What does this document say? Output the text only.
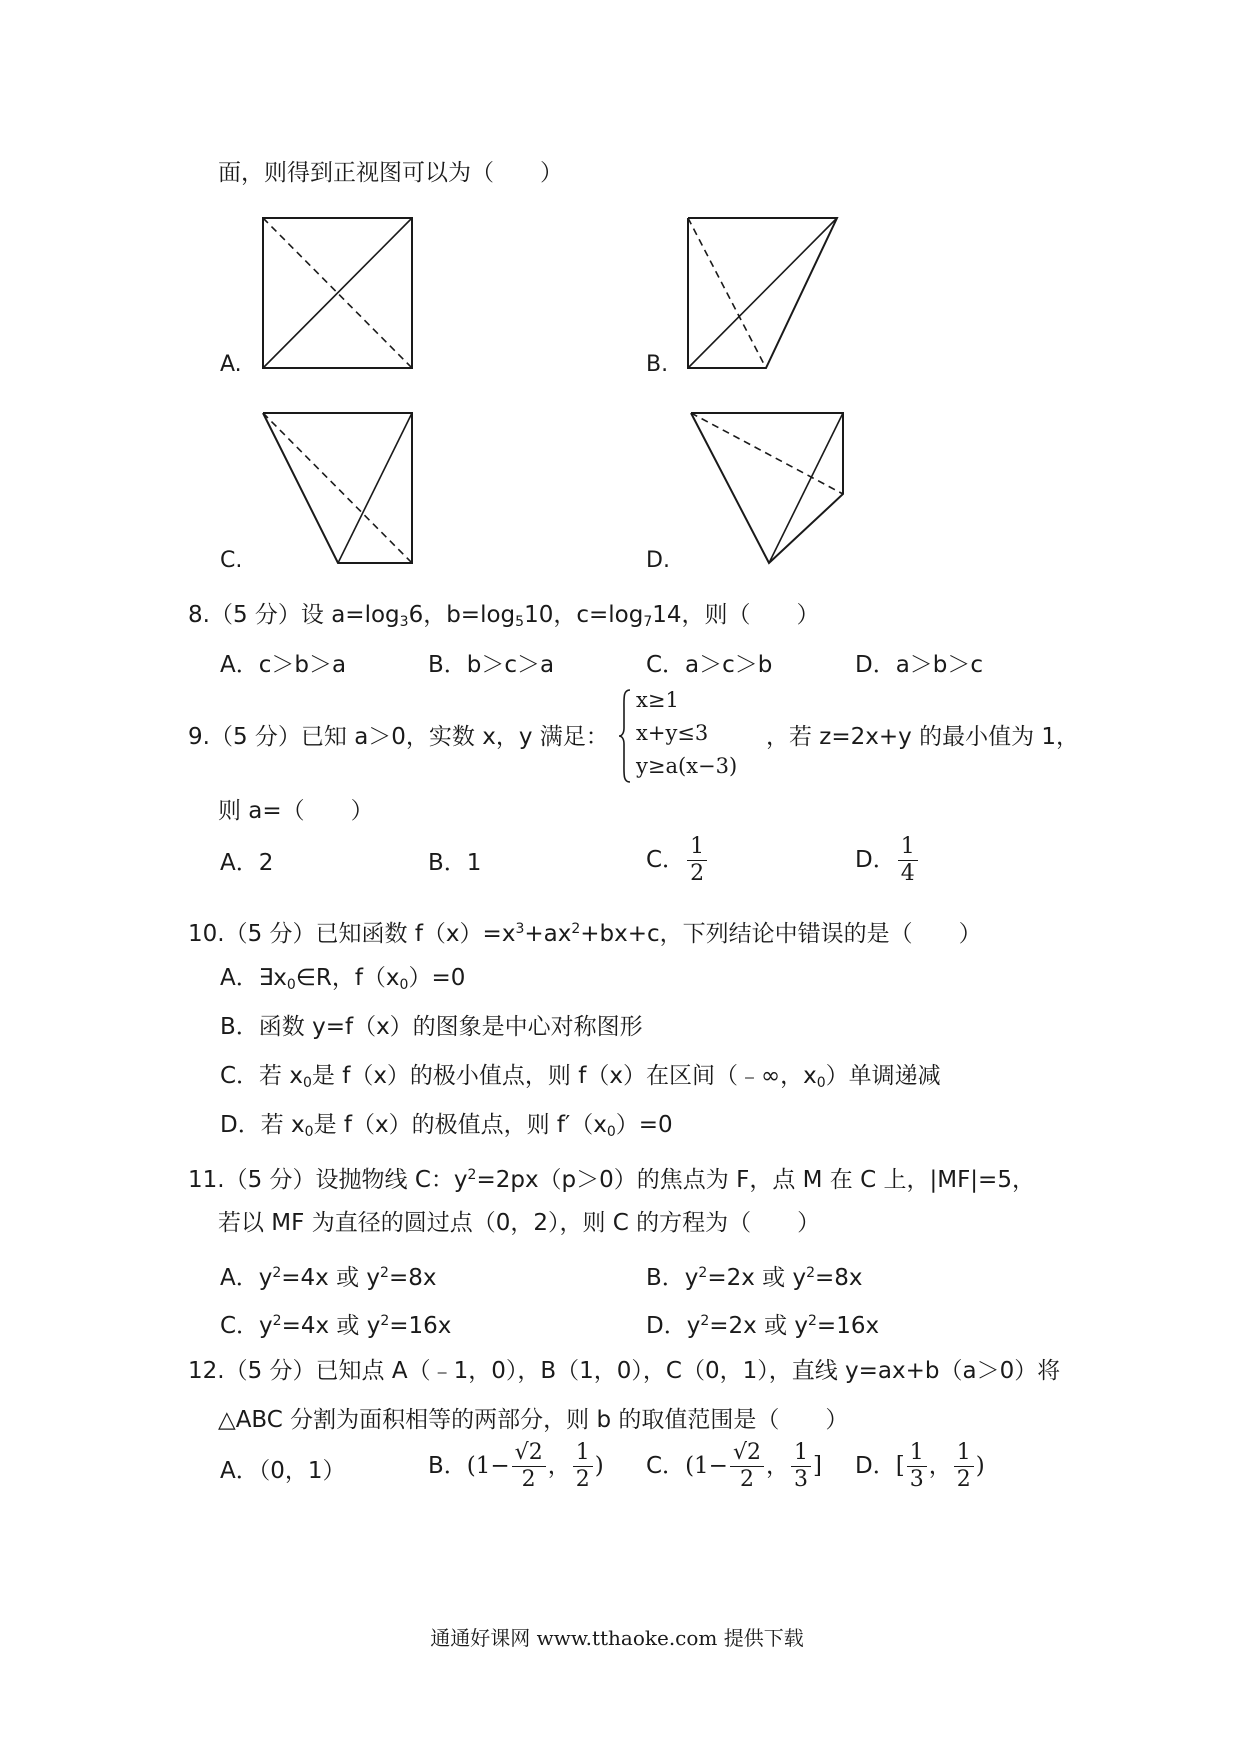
面，则得到正视图可以为（　　）
A.	B.
C.	D.
8.（5 分）设 $a=\log_36$，$b=\log_510$，$c=\log_714$，则（　　）
A．c＞b＞a	B．b＞c＞a	C．a＞c＞b	D．a＞b＞c
9.（5 分）已知 a＞0，实数 x，y 满足：
x≥1
x+y≤3
y≥a(x−3)
，若 z=2x+y 的最小值为 1，
则 a=（　　）
A．2	B．1	C． $\frac{1}{2}$	D． $\frac{1}{4}$
10.（5 分）已知函数 $f(x)=x^3+ax^2+bx+c$，下列结论中错误的是（　　）
A．$\exists x_0\in R$，$f(x_0)=0$
B．函数 y=f（x）的图象是中心对称图形
C．若 $x_0$是 f（x）的极小值点，则 f（x）在区间（﹣∞，$x_0$）单调递减
D．若 $x_0$是 f（x）的极值点，则 $f'(x_0)=0$
11.（5 分）设抛物线 C：$y^2=2px(p>0)$的焦点为 F，点 M 在 C 上，|MF|=5，
若以 MF 为直径的圆过点（0，2），则 C 的方程为（　　）
A．$y^2=4x$ 或 $y^2=8x$	B．$y^2=2x$ 或 $y^2=8x$
C．$y^2=4x$ 或 $y^2=16x$	D．$y^2=2x$ 或 $y^2=16x$
12.（5 分）已知点 A（﹣1，0），B（1，0），C（0，1），直线 y=ax+b（a＞0）将
△ABC 分割为面积相等的两部分，则 b 的取值范围是（　　）
A．（0，1）	B．($1- \frac{√2}{2}$ ， $\frac{1}{2}$ ) C．($1- \frac{√2}{2}$ ， $\frac{1}{3}$ ] D．[ $\frac{1}{3}$ ， $\frac{1}{2}$ )
通通好课网 www.tthaoke.com 提供下载
